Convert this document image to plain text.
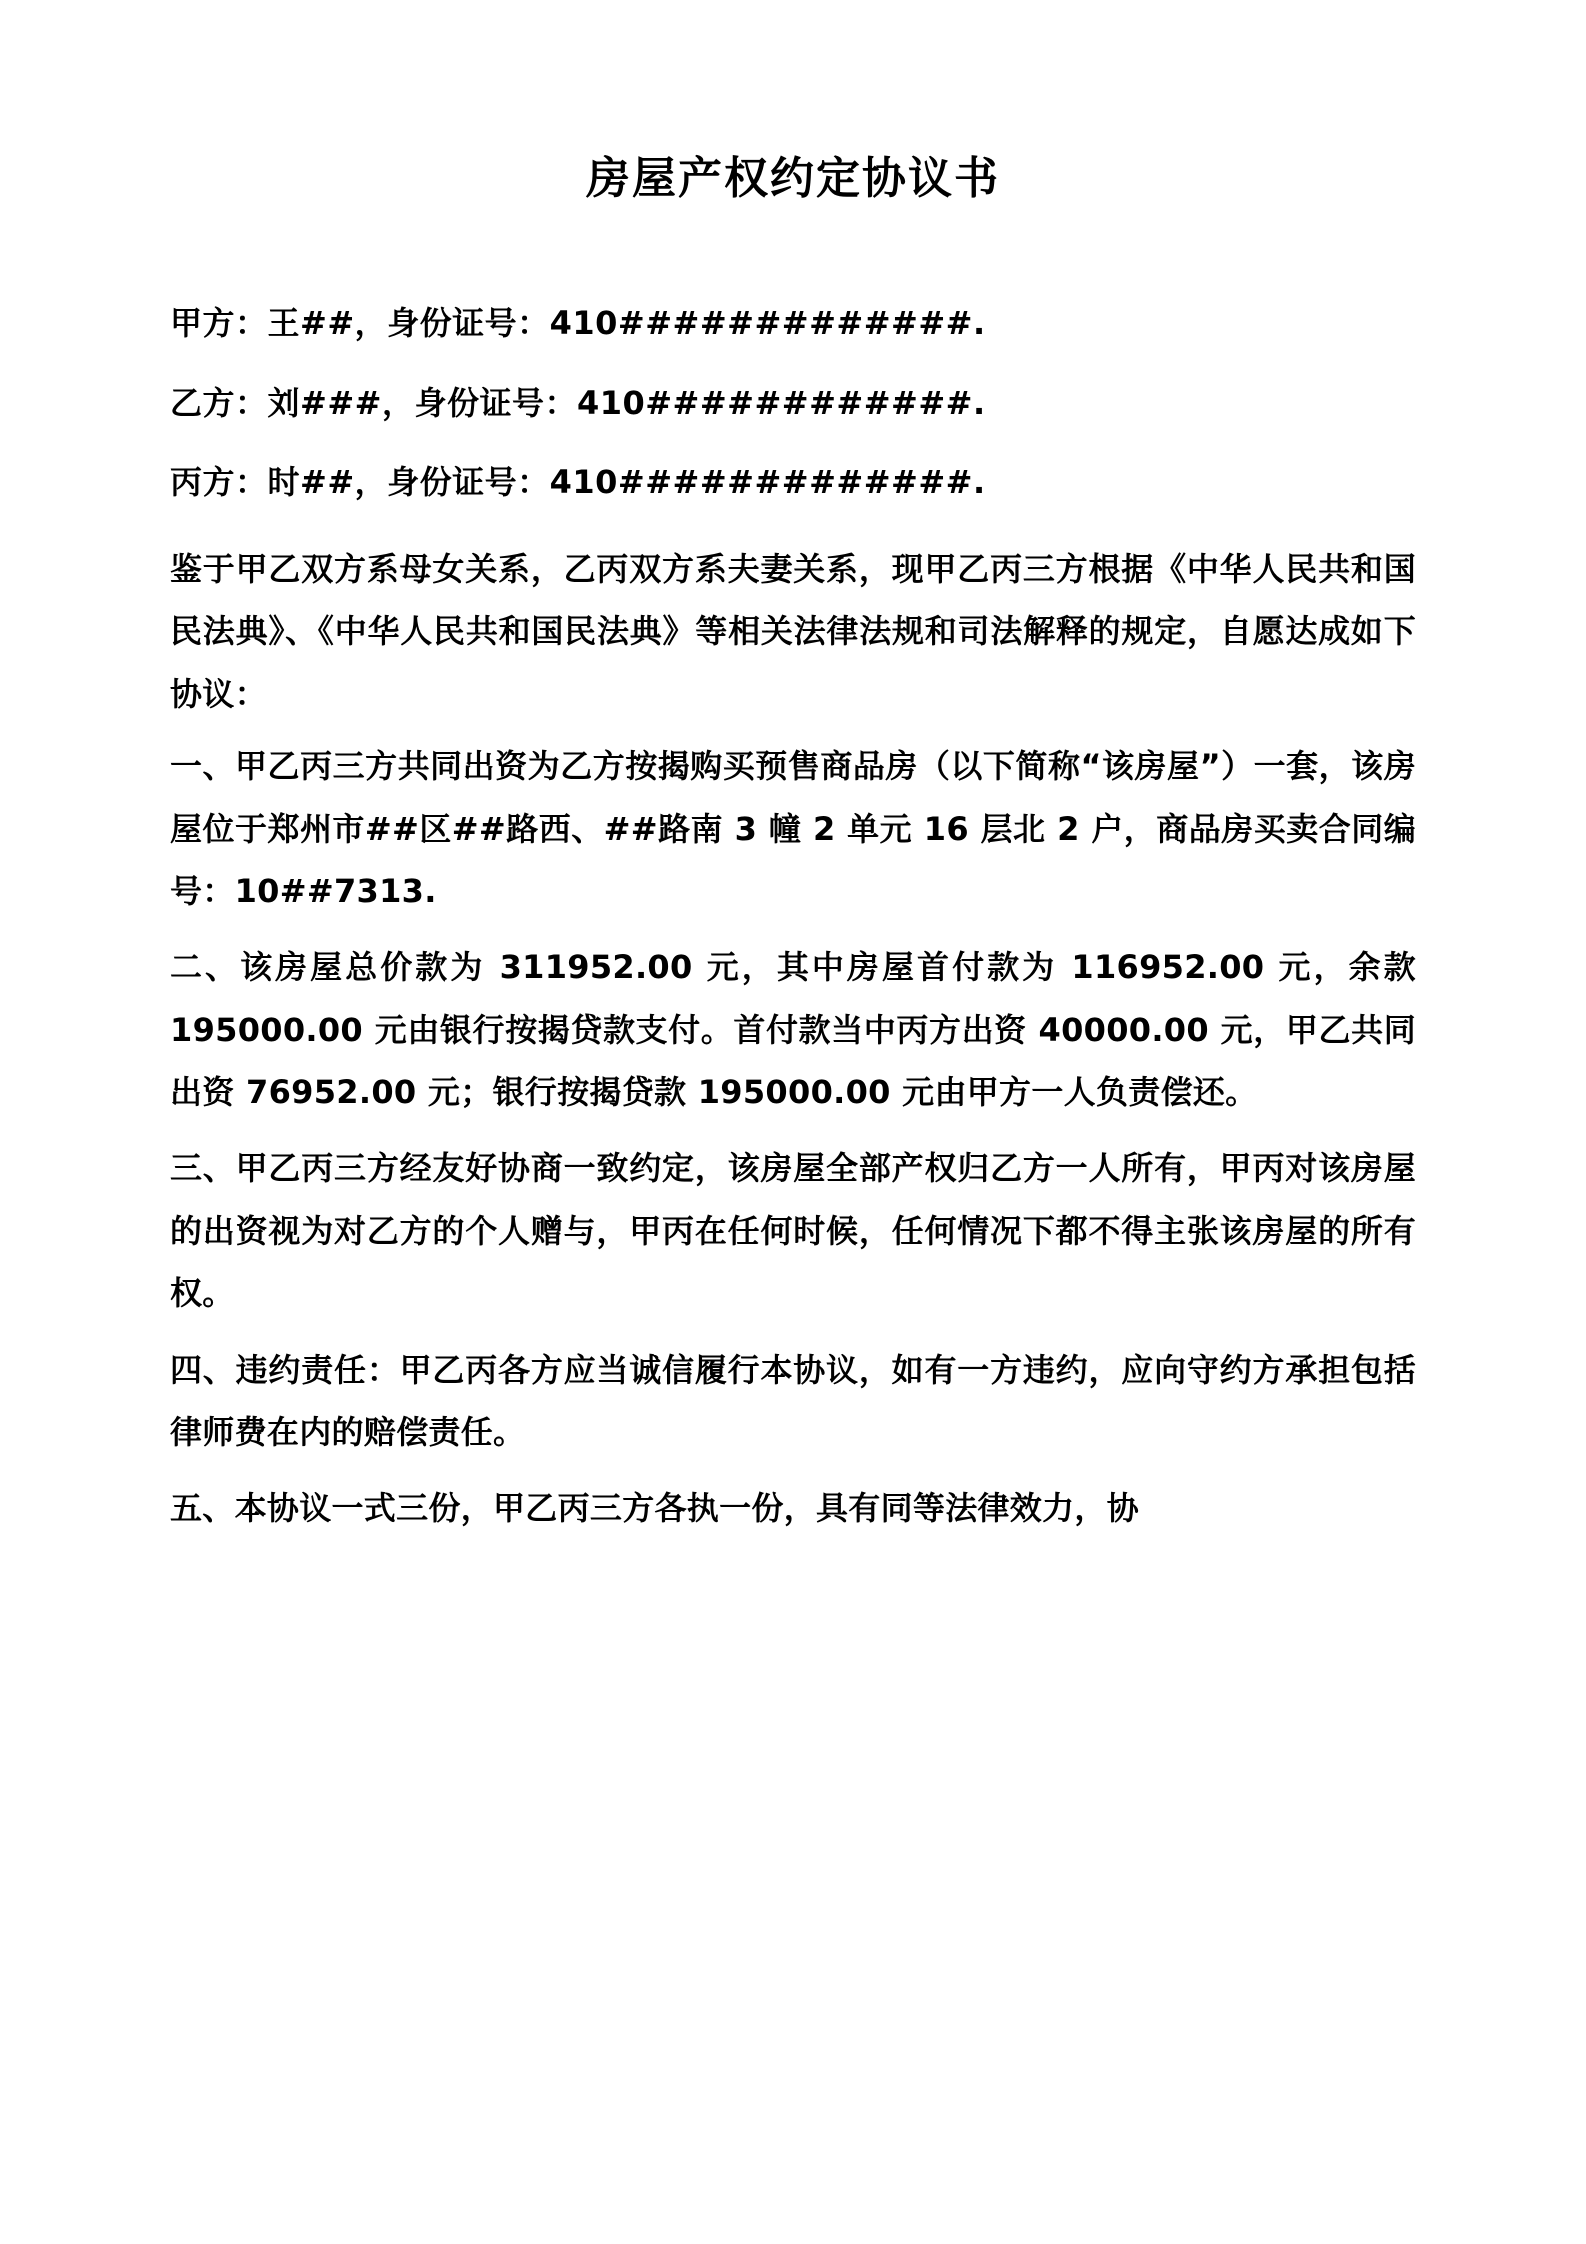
房屋产权约定协议书

甲方：王##，身份证号：410#############.

乙方：刘###，身份证号：410############.

丙方：时##，身份证号：410#############.

鉴于甲乙双方系母女关系，乙丙双方系夫妻关系，现甲乙丙三方根据《中华人民共和国民法典》、《中华人民共和国民法典》等相关法律法规和司法解释的规定，自愿达成如下协议：

一、甲乙丙三方共同出资为乙方按揭购买预售商品房（以下简称“该房屋”）一套，该房屋位于郑州市##区##路西、##路南 3 幢 2 单元 16 层北 2 户，商品房买卖合同编号：10##7313.

二、该房屋总价款为 311952.00 元，其中房屋首付款为 116952.00 元，余款 195000.00 元由银行按揭贷款支付。首付款当中丙方出资 40000.00 元，甲乙共同出资 76952.00 元；银行按揭贷款 195000.00 元由甲方一人负责偿还。

三、甲乙丙三方经友好协商一致约定，该房屋全部产权归乙方一人所有，甲丙对该房屋的出资视为对乙方的个人赠与，甲丙在任何时候，任何情况下都不得主张该房屋的所有权。

四、违约责任：甲乙丙各方应当诚信履行本协议，如有一方违约，应向守约方承担包括律师费在内的赔偿责任。

五、本协议一式三份，甲乙丙三方各执一份，具有同等法律效力，协
